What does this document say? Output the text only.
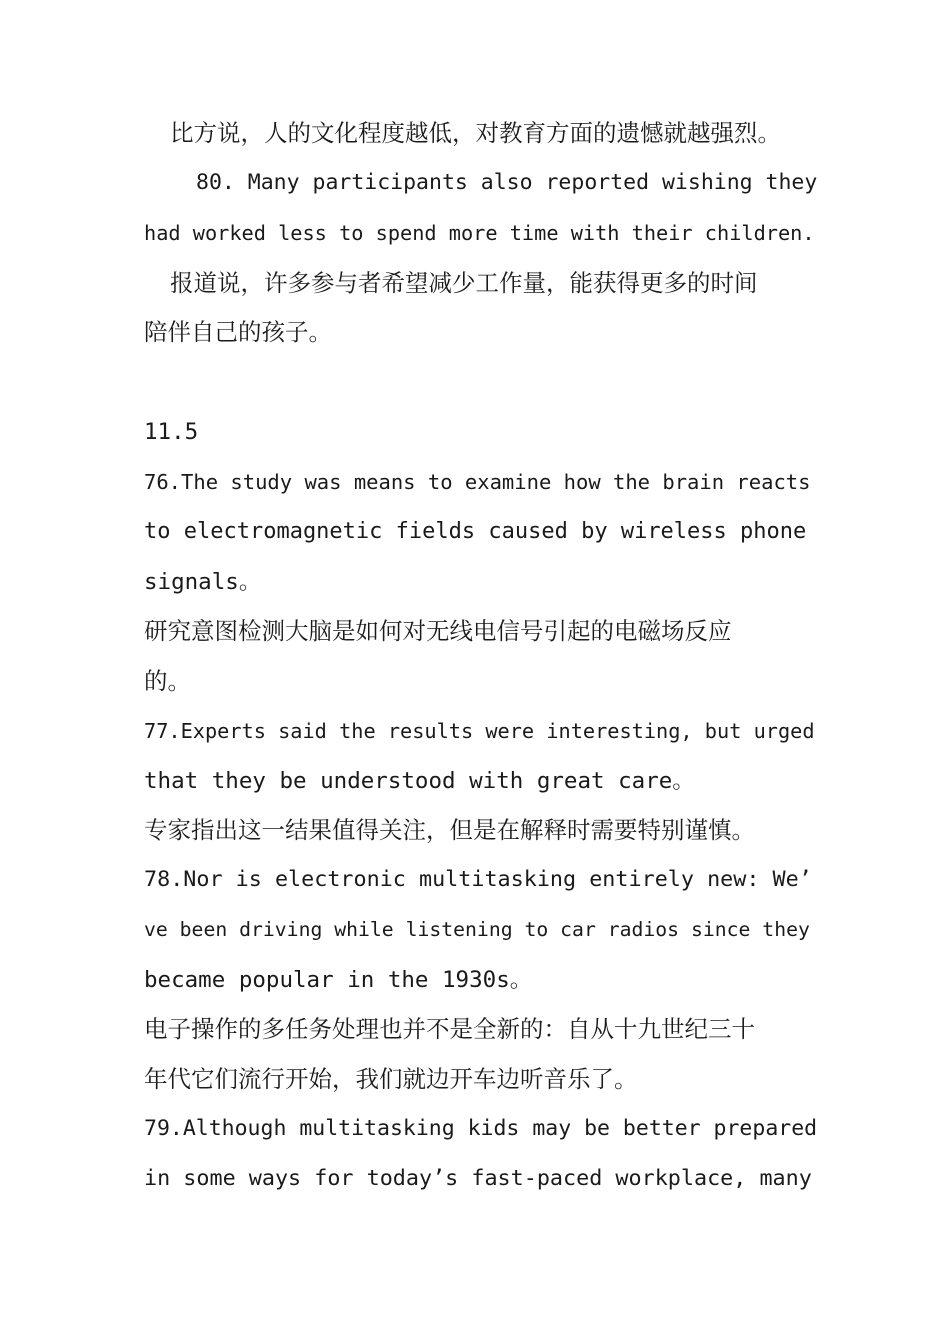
比方说，人的文化程度越低，对教育方面的遗憾就越强烈。
80. Many participants also reported wishing they
had worked less to spend more time with their children.
报道说，许多参与者希望减少工作量，能获得更多的时间
陪伴自己的孩子。
11.5
76.The study was means to examine how the brain reacts
to electromagnetic fields caused by wireless phone
signals。
研究意图检测大脑是如何对无线电信号引起的电磁场反应
的。
77.Experts said the results were interesting, but urged
that they be understood with great care。
专家指出这一结果值得关注，但是在解释时需要特别谨慎。
78.Nor is electronic multitasking entirely new: We’
ve been driving while listening to car radios since they
became popular in the 1930s。
电子操作的多任务处理也并不是全新的：自从十九世纪三十
年代它们流行开始，我们就边开车边听音乐了。
79.Although multitasking kids may be better prepared
in some ways for today’s fast-paced workplace, many
